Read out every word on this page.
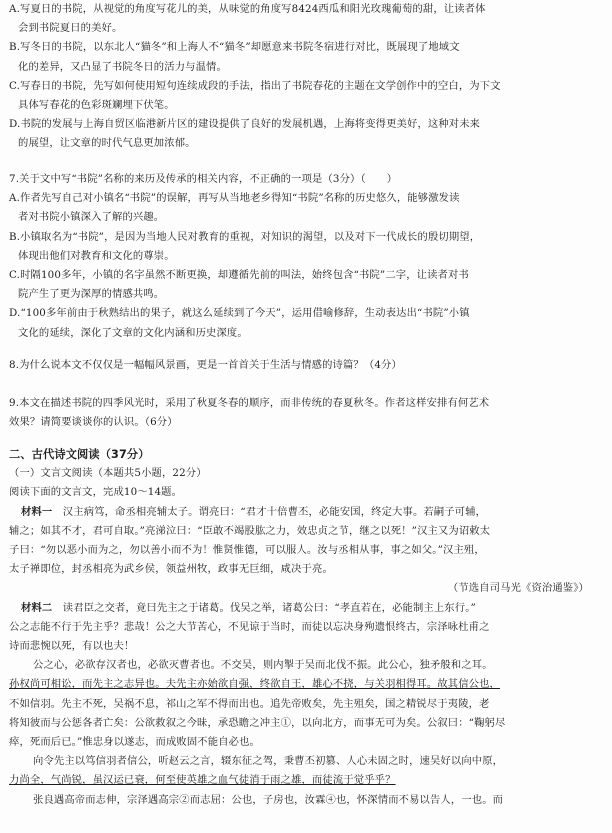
A.写夏日的书院，从视觉的角度写花儿的美，从味觉的角度写8424西瓜和阳光玫瑰葡萄的甜，让读者体

会到书院夏日的美好。

B.写冬日的书院，以东北人“猫冬”和上海人不“猫冬”却愿意来书院冬宿进行对比，既展现了地域文

化的差异，又凸显了书院冬日的活力与温情。

C.写春日的书院，先写如何使用短句连续成段的手法，指出了书院春花的主题在文学创作中的空白，为下文

具体写春花的色彩斑斓埋下伏笔。

D.书院的发展与上海自贸区临港新片区的建设提供了良好的发展机遇，上海将变得更美好，这种对未来

的展望，让文章的时代气息更加浓郁。

7.关于文中写“书院”名称的来历及传承的相关内容，不正确的一项是（3分）（　　）

A.作者先写自己对小镇名“书院”的误解，再写从当地老乡得知“书院”名称的历史悠久，能够激发读

者对书院小镇深入了解的兴趣。

B.小镇取名为“书院”，是因为当地人民对教育的重视，对知识的渴望，以及对下一代成长的殷切期望，

体现出他们对教育和文化的尊崇。

C.时隔100多年，小镇的名字虽然不断更换，却遵循先前的叫法，始终包含“书院”二字，让读者对书

院产生了更为深厚的情感共鸣。

D.“100多年前由于秋熟结出的果子，就这么延续到了今天”，运用借喻修辞，生动表达出“书院”小镇

文化的延续，深化了文章的文化内涵和历史深度。

8.为什么说本文不仅仅是一幅幅风景画，更是一首首关于生活与情感的诗篇？（4分）

9.本文在描述书院的四季风光时，采用了秋夏冬春的顺序，而非传统的春夏秋冬。作者这样安排有何艺术

效果？请简要谈谈你的认识。（6分）

二、古代诗文阅读（37分）

（一）文言文阅读（本题共5小题，22分）

阅读下面的文言文，完成10～14题。

材料一　 汉主病笃，命丞相亮辅太子。谓亮曰：“君才十倍曹丕，必能安国，终定大事。若嗣子可辅，

辅之；如其不才，君可自取。”亮涕泣曰：“臣敢不竭股肱之力，效忠贞之节，继之以死！”汉主又为诏敕太

子曰：“勿以恶小而为之，勿以善小而不为！惟贤惟德，可以服人。汝与丞相从事，事之如父。”汉主殂，

太子禅即位，封丞相亮为武乡侯，领益州牧，政事无巨细，咸决于亮。

（节选自司马光《资治通鉴》）

材料二　 读君臣之交者，竟曰先主之于诸葛。伐吴之举，诸葛公曰：“孝直若在，必能制主上东行。”

公之志能不行于先主乎？悲哉！公之大节苦心，不见谅于当时，而徒以忘决身殉遗恨终古，宗泽咏杜甫之

诗而悲惋以死，有以也夫！

公之心，必欲存汉者也，必欲灭曹者也。不交吴，则内掣于吴而北伐不振。此公心，独矛般和之耳。

孙权尚可相讼，而先主之志异也。夫先主亦始欲自强，终欲自王，雄心不挠，与关羽相得耳。故其信公也，

不如信羽。先主不死，吴祸不息，祁山之军不得而出也。追先帝败矣，先主殂矣，国之精锐尽于夷陵，老

将知彼而与公惩各者亡矣：公欲救叙之今昧，承恐瞻之冲主①，以向北方，而事无可为矣。公叙曰：“鞠躬尽

瘁，死而后已。”惟忠身以遂志，而成败固不能自必也。

向令先主以笃信羽者信公，听赵云之言，辍东征之驾，秉曹丕初篡、人心未固之时，速吴好以向中原，

力尚全，气尚锐，虽汉运已衰，何至使英雄之血气徒消于雨之雄，而徒流于觉乎乎？

张良遇高帝而志伸，宗泽遇高宗②而志屈：公也，子房也，汝霖④也，怀深情而不易以告人，一也。而
